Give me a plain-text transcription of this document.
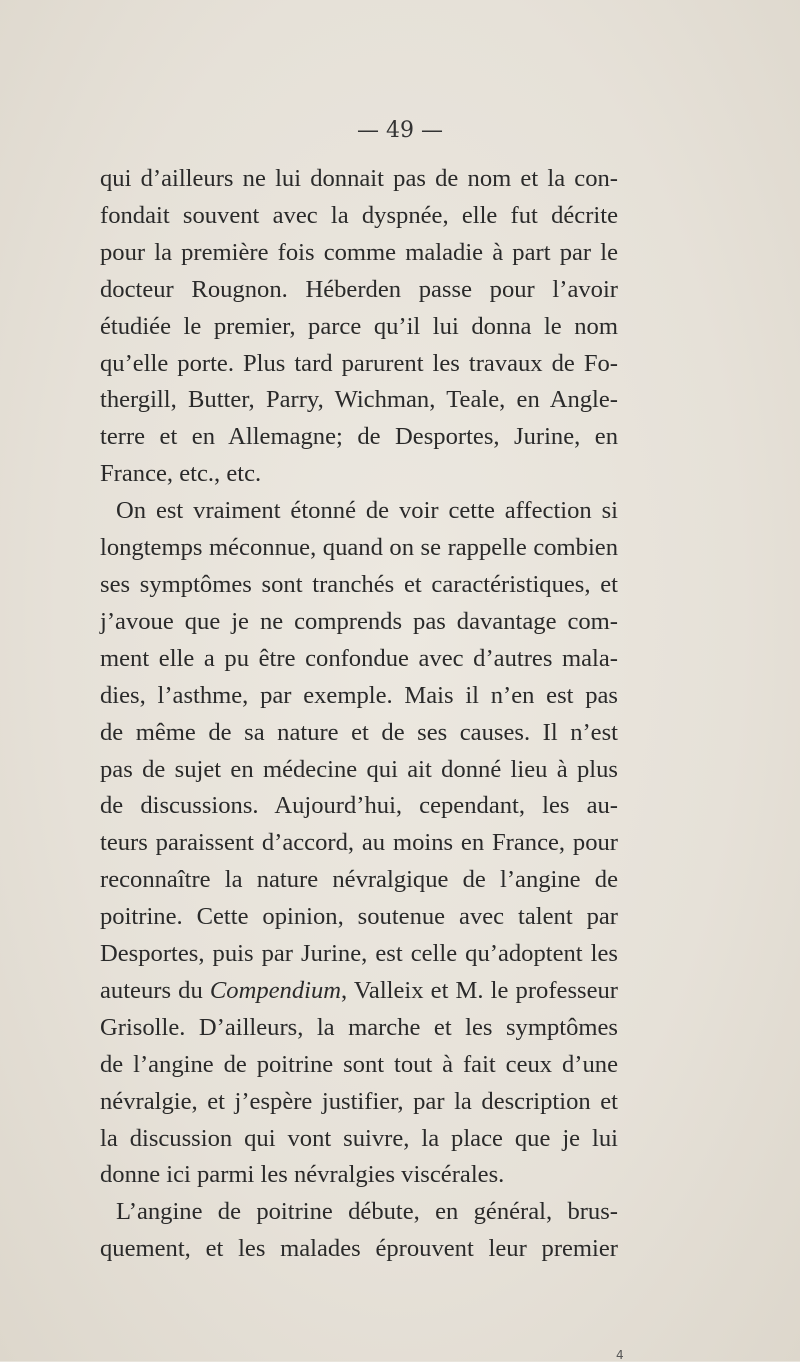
— 49 —

qui d’ailleurs ne lui donnait pas de nom et la con-
fondait souvent avec la dyspnée, elle fut décrite
pour la première fois comme maladie à part par le
docteur Rougnon. Héberden passe pour l’avoir
étudiée le premier, parce qu’il lui donna le nom
qu’elle porte. Plus tard parurent les travaux de Fo-
thergill, Butter, Parry, Wichman, Teale, en Angle-
terre et en Allemagne; de Desportes, Jurine, en
France, etc., etc.

On est vraiment étonné de voir cette affection si

longtemps méconnue, quand on se rappelle combien
ses symptômes sont tranchés et caractéristiques, et
j’avoue que je ne comprends pas davantage com-
ment elle a pu être confondue avec d’autres mala-
dies, l’asthme, par exemple. Mais il n’en est pas
de même de sa nature et de ses causes. Il n’est
pas de sujet en médecine qui ait donné lieu à plus
de discussions. Aujourd’hui, cependant, les au-
teurs paraissent d’accord, au moins en France, pour
reconnaître la nature névralgique de l’angine de
poitrine. Cette opinion, soutenue avec talent par
Desportes, puis par Jurine, est celle qu’adoptent les
auteurs du Compendium, Valleix et M. le professeur
Grisolle. D’ailleurs, la marche et les symptômes
de l’angine de poitrine sont tout à fait ceux d’une
névralgie, et j’espère justifier, par la description et
la discussion qui vont suivre, la place que je lui
donne ici parmi les névralgies viscérales.

L’angine de poitrine débute, en général, brus-

quement, et les malades éprouvent leur premier

4
